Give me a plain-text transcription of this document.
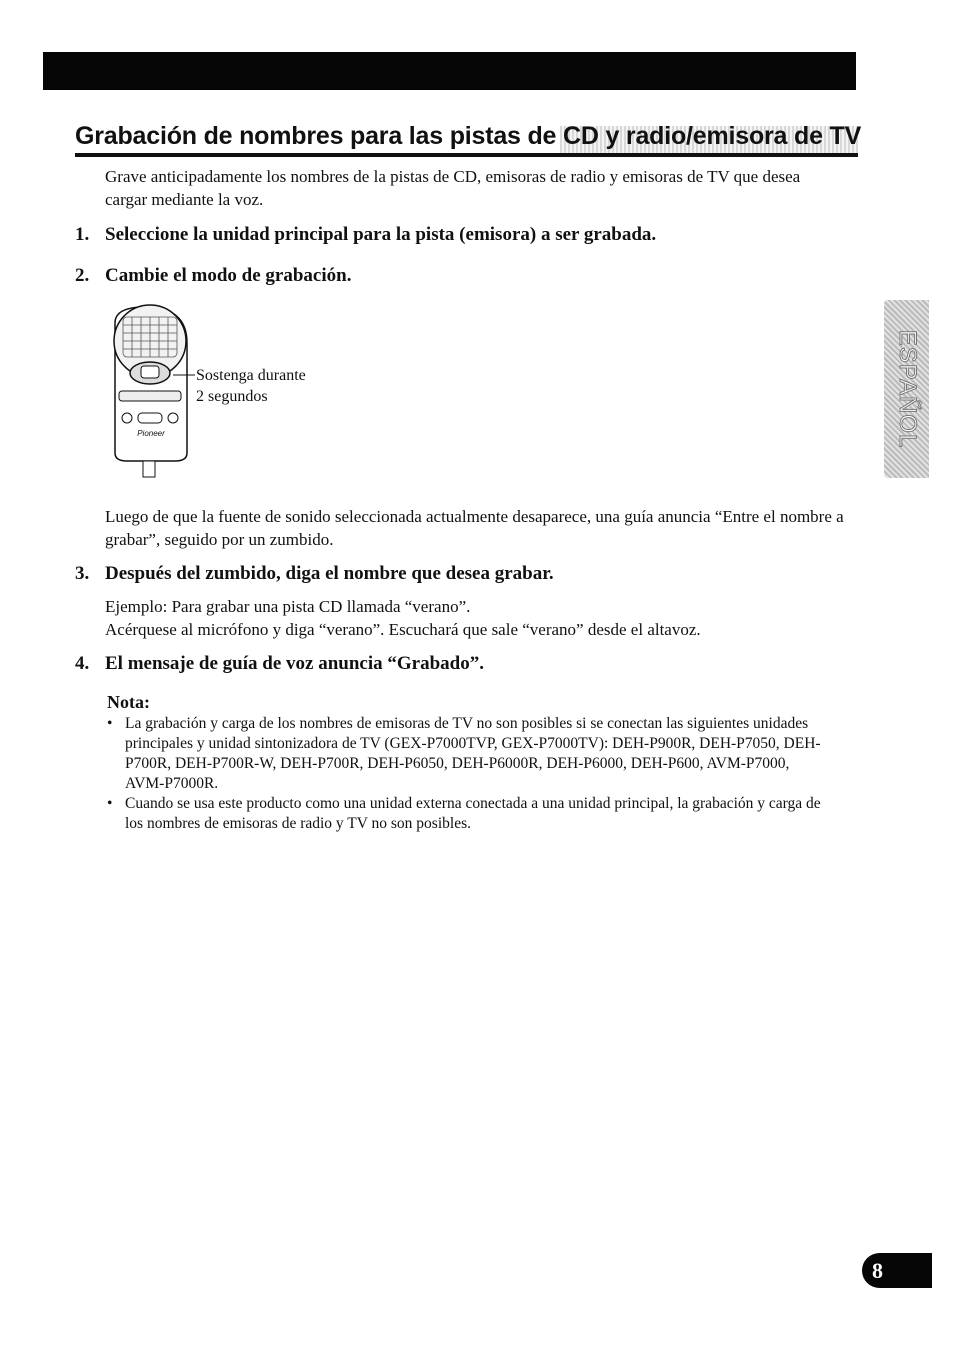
Grabación de nombres para las pistas de CD y radio/emisora de TV

Grave anticipadamente los nombres de la pistas de CD, emisoras de radio y emisoras de TV que desea cargar mediante la voz.

1. Seleccione la unidad principal para la pista (emisora) a ser grabada.

2. Cambie el modo de grabación.

Pioneer

Sostenga durante
2 segundos

Luego de que la fuente de sonido seleccionada actualmente desaparece, una guía anuncia “Entre el nombre a grabar”, seguido por un zumbido.

3. Después del zumbido, diga el nombre que desea grabar.

Ejemplo: Para grabar una pista CD llamada “verano”.
Acérquese al micrófono y diga “verano”. Escuchará que sale “verano” desde el altavoz.

4. El mensaje de guía de voz anuncia “Grabado”.

Nota:

• La grabación y carga de los nombres de emisoras de TV no son posibles si se conectan las siguientes unidades principales y unidad sintonizadora de TV (GEX-P7000TVP, GEX-P7000TV): DEH-P900R, DEH-P7050, DEH-P700R, DEH-P700R-W, DEH-P700R, DEH-P6050, DEH-P6000R, DEH-P6000, DEH-P600, AVM-P7000, AVM-P7000R.
• Cuando se usa este producto como una unidad externa conectada a una unidad principal, la grabación y carga de los nombres de emisoras de radio y TV no son posibles.
ESPAÑOL
8
